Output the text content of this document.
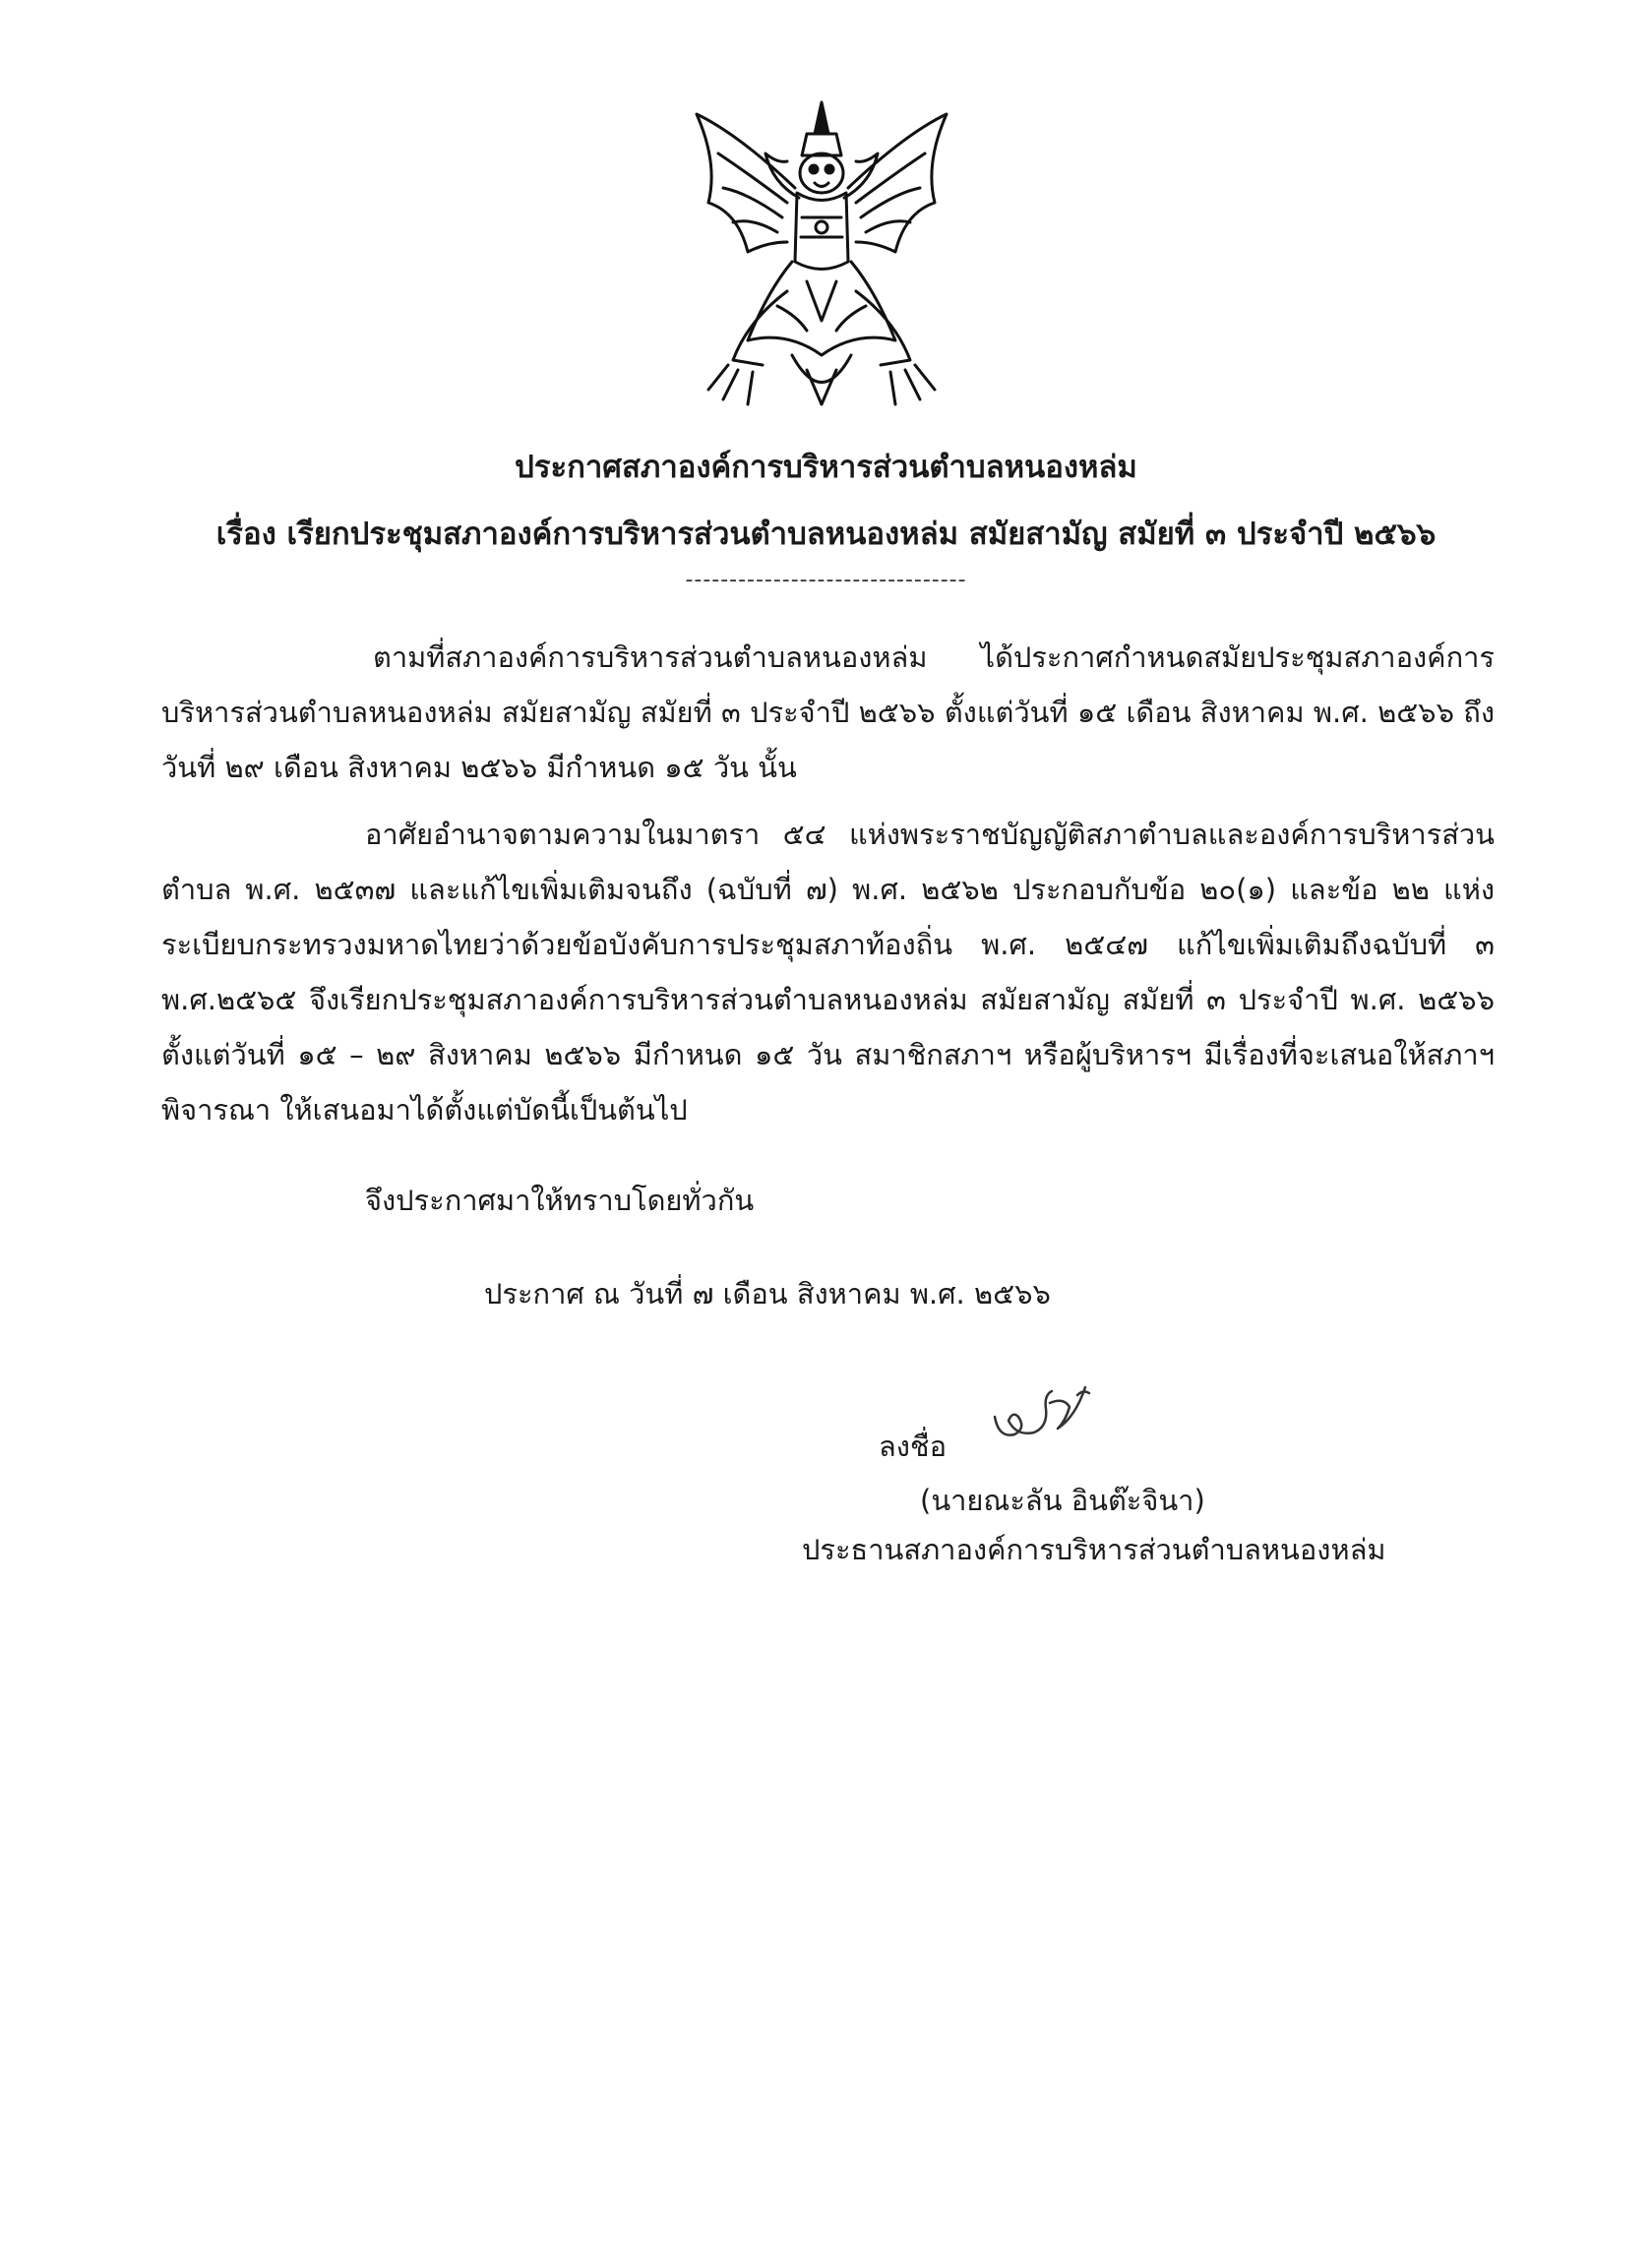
ประกาศสภาองค์การบริหารส่วนตำบลหนองหล่ม
เรื่อง เรียกประชุมสภาองค์การบริหารส่วนตำบลหนองหล่ม สมัยสามัญ สมัยที่ ๓ ประจำปี ๒๕๖๖
--------------------------------

ตามที่สภาองค์การบริหารส่วนตำบลหนองหล่ม ได้ประกาศกำหนดสมัยประชุมสภาองค์การบริหารส่วนตำบลหนองหล่ม สมัยสามัญ สมัยที่ ๓ ประจำปี ๒๕๖๖ ตั้งแต่วันที่ ๑๕ เดือน สิงหาคม พ.ศ. ๒๕๖๖ ถึงวันที่ ๒๙ เดือน สิงหาคม ๒๕๖๖ มีกำหนด ๑๕ วัน นั้น

อาศัยอำนาจตามความในมาตรา ๕๔ แห่งพระราชบัญญัติสภาตำบลและองค์การบริหารส่วนตำบล พ.ศ. ๒๕๓๗ และแก้ไขเพิ่มเติมจนถึง (ฉบับที่ ๗) พ.ศ. ๒๕๖๒ ประกอบกับข้อ ๒๐(๑) และข้อ ๒๒ แห่งระเบียบกระทรวงมหาดไทยว่าด้วยข้อบังคับการประชุมสภาท้องถิ่น พ.ศ. ๒๕๔๗ แก้ไขเพิ่มเติมถึงฉบับที่ ๓ พ.ศ.๒๕๖๕ จึงเรียกประชุมสภาองค์การบริหารส่วนตำบลหนองหล่ม สมัยสามัญ สมัยที่ ๓ ประจำปี พ.ศ. ๒๕๖๖ ตั้งแต่วันที่ ๑๕ – ๒๙ สิงหาคม ๒๕๖๖ มีกำหนด ๑๕ วัน สมาชิกสภาฯ หรือผู้บริหารฯ มีเรื่องที่จะเสนอให้สภาฯ พิจารณา ให้เสนอมาได้ตั้งแต่บัดนี้เป็นต้นไป

จึงประกาศมาให้ทราบโดยทั่วกัน
ประกาศ ณ วันที่ ๗ เดือน สิงหาคม พ.ศ. ๒๕๖๖
ลงชื่อ
(นายณะลัน อินต๊ะจินา)
ประธานสภาองค์การบริหารส่วนตำบลหนองหล่ม
